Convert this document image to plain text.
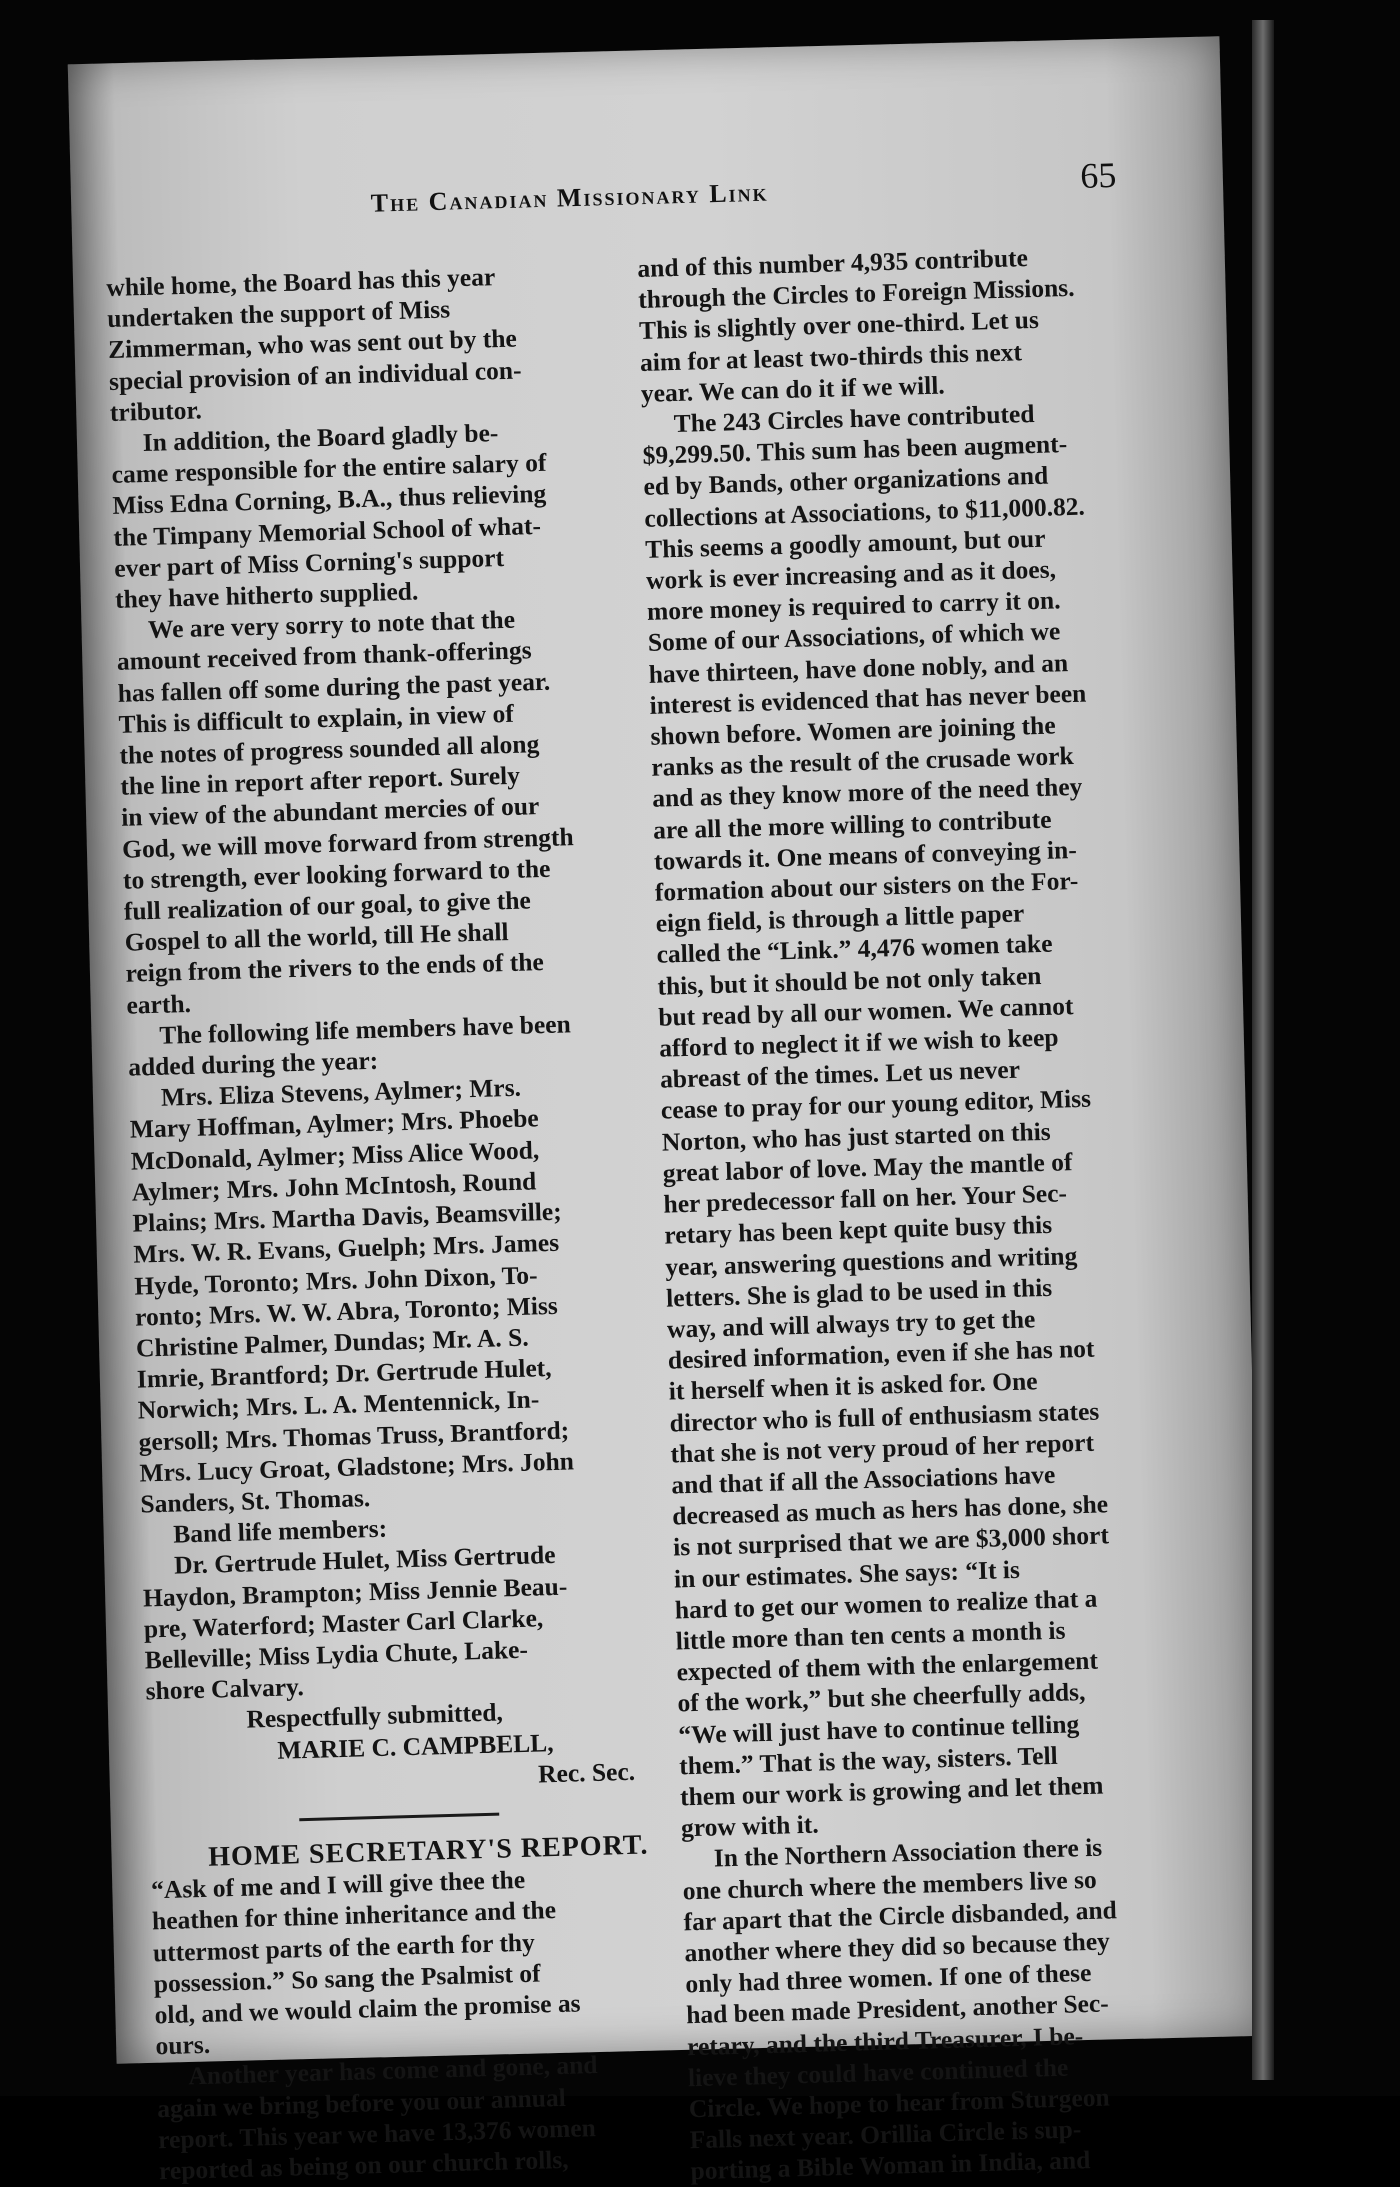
The Canadian Missionary Link
65
while home, the Board has this year
undertaken the support of Miss
Zimmerman, who was sent out by the
special provision of an individual con-
tributor.
In addition, the Board gladly be-
came responsible for the entire salary of
Miss Edna Corning, B.A., thus relieving
the Timpany Memorial School of what-
ever part of Miss Corning's support
they have hitherto supplied.
We are very sorry to note that the
amount received from thank-offerings
has fallen off some during the past year.
This is difficult to explain, in view of
the notes of progress sounded all along
the line in report after report. Surely
in view of the abundant mercies of our
God, we will move forward from strength
to strength, ever looking forward to the
full realization of our goal, to give the
Gospel to all the world, till He shall
reign from the rivers to the ends of the
earth.
The following life members have been
added during the year:
Mrs. Eliza Stevens, Aylmer; Mrs.
Mary Hoffman, Aylmer; Mrs. Phoebe
McDonald, Aylmer; Miss Alice Wood,
Aylmer; Mrs. John McIntosh, Round
Plains; Mrs. Martha Davis, Beamsville;
Mrs. W. R. Evans, Guelph; Mrs. James
Hyde, Toronto; Mrs. John Dixon, To-
ronto; Mrs. W. W. Abra, Toronto; Miss
Christine Palmer, Dundas; Mr. A. S.
Imrie, Brantford; Dr. Gertrude Hulet,
Norwich; Mrs. L. A. Mentennick, In-
gersoll; Mrs. Thomas Truss, Brantford;
Mrs. Lucy Groat, Gladstone; Mrs. John
Sanders, St. Thomas.
Band life members:
Dr. Gertrude Hulet, Miss Gertrude
Haydon, Brampton; Miss Jennie Beau-
pre, Waterford; Master Carl Clarke,
Belleville; Miss Lydia Chute, Lake-
shore Calvary.
Respectfully submitted,
MARIE C. CAMPBELL,
Rec. Sec.
HOME SECRETARY'S REPORT.
“Ask of me and I will give thee the
heathen for thine inheritance and the
uttermost parts of the earth for thy
possession.” So sang the Psalmist of
old, and we would claim the promise as
ours.
Another year has come and gone, and
again we bring before you our annual
report. This year we have 13,376 women
reported as being on our church rolls,
and of this number 4,935 contribute
through the Circles to Foreign Missions.
This is slightly over one-third. Let us
aim for at least two-thirds this next
year. We can do it if we will.
The 243 Circles have contributed
$9,299.50. This sum has been augment-
ed by Bands, other organizations and
collections at Associations, to $11,000.82.
This seems a goodly amount, but our
work is ever increasing and as it does,
more money is required to carry it on.
Some of our Associations, of which we
have thirteen, have done nobly, and an
interest is evidenced that has never been
shown before. Women are joining the
ranks as the result of the crusade work
and as they know more of the need they
are all the more willing to contribute
towards it. One means of conveying in-
formation about our sisters on the For-
eign field, is through a little paper
called the “Link.” 4,476 women take
this, but it should be not only taken
but read by all our women. We cannot
afford to neglect it if we wish to keep
abreast of the times. Let us never
cease to pray for our young editor, Miss
Norton, who has just started on this
great labor of love. May the mantle of
her predecessor fall on her. Your Sec-
retary has been kept quite busy this
year, answering questions and writing
letters. She is glad to be used in this
way, and will always try to get the
desired information, even if she has not
it herself when it is asked for. One
director who is full of enthusiasm states
that she is not very proud of her report
and that if all the Associations have
decreased as much as hers has done, she
is not surprised that we are $3,000 short
in our estimates. She says: “It is
hard to get our women to realize that a
little more than ten cents a month is
expected of them with the enlargement
of the work,” but she cheerfully adds,
“We will just have to continue telling
them.” That is the way, sisters. Tell
them our work is growing and let them
grow with it.
In the Northern Association there is
one church where the members live so
far apart that the Circle disbanded, and
another where they did so because they
only had three women. If one of these
had been made President, another Sec-
retary, and the third Treasurer, I be-
lieve they could have continued the
Circle. We hope to hear from Sturgeon
Falls next year. Orillia Circle is sup-
porting a Bible Woman in India, and
